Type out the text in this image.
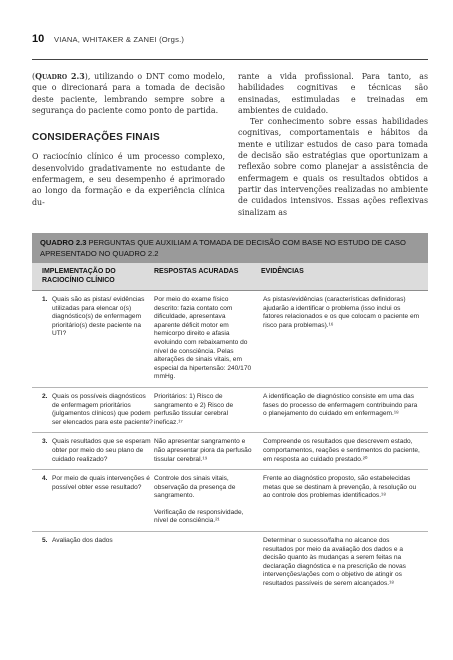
10 VIANA, WHITAKER & ZANEI (Orgs.)

(Quadro 2.3), utilizando o DNT como modelo, que o direcionará para a tomada de decisão deste paciente, lembrando sempre sobre a segurança do paciente como ponto de partida.

CONSIDERAÇÕES FINAIS

O raciocínio clínico é um processo complexo, desenvolvido gradativamente no estudante de enfermagem, e seu desempenho é aprimorado ao longo da formação e da experiência clínica du-

rante a vida profissional. Para tanto, as habilidades cognitivas e técnicas são ensinadas, estimuladas e treinadas em ambientes de cuidado.

Ter conhecimento sobre essas habilidades cognitivas, comportamentais e hábitos da mente e utilizar estudos de caso para tomada de decisão são estratégias que oportunizam a reflexão sobre como planejar a assistência de enfermagem e quais os resultados obtidos a partir das intervenções realizadas no ambiente de cuidados intensivos. Essas ações reflexivas sinalizam as

QUADRO 2.3 PERGUNTAS QUE AUXILIAM A TOMADA DE DECISÃO COM BASE NO ESTUDO DE CASO APRESENTADO NO QUADRO 2.2
IMPLEMENTAÇÃO DO RACIOCÍNIO CLÍNICO
RESPOSTAS ACURADAS	EVIDÊNCIAS
1. Quais são as pistas/ evidências utilizadas para elencar o(s) diagnóstico(s) de enfermagem prioritário(s) deste paciente na UTI?

Por meio do exame físico descrito: fazia contato com dificuldade, apresentava aparente déficit motor em hemicorpo direito e afasia evoluindo com rebaixamento do nível de consciência. Pelas alterações de sinais vitais, em especial da hipertensão: 240/170 mmHg.

As pistas/evidências (características definidoras) ajudarão a identificar o problema (isso inclui os fatores relacionados e os que colocam o paciente em risco para problemas).¹⁶

2. Quais os possíveis diagnósticos de enfermagem prioritários (julgamentos clínicos) que podem ser elencados para este paciente?

Prioritários: 1) Risco de sangramento e 2) Risco de perfusão tissular cerebral ineficaz.¹⁷

A identificação de diagnóstico consiste em uma das fases do processo de enfermagem contribuindo para o planejamento do cuidado em enfermagem.¹⁸

3. Quais resultados que se esperam obter por meio do seu plano de cuidado realizado?

Não apresentar sangramento e não apresentar piora da perfusão tissular cerebral.¹⁹

Compreende os resultados que descrevem estado, comportamentos, reações e sentimentos do paciente, em resposta ao cuidado prestado.²⁰

4. Por meio de quais intervenções é possível obter esse resultado?

Controle dos sinais vitais, observação da presença de sangramento.

Verificação de responsividade, nível de consciência.²¹

Frente ao diagnóstico proposto, são estabelecidas metas que se destinam à prevenção, à resolução ou ao controle dos problemas identificados.¹⁸

5. Avaliação dos dados	Determinar o sucesso/falha no alcance dos resultados por meio da avaliação dos dados e a decisão quanto às mudanças a serem feitas na declaração diagnóstica e na prescrição de novas intervenções/ações com o objetivo de atingir os resultados passíveis de serem alcançados.¹⁸
